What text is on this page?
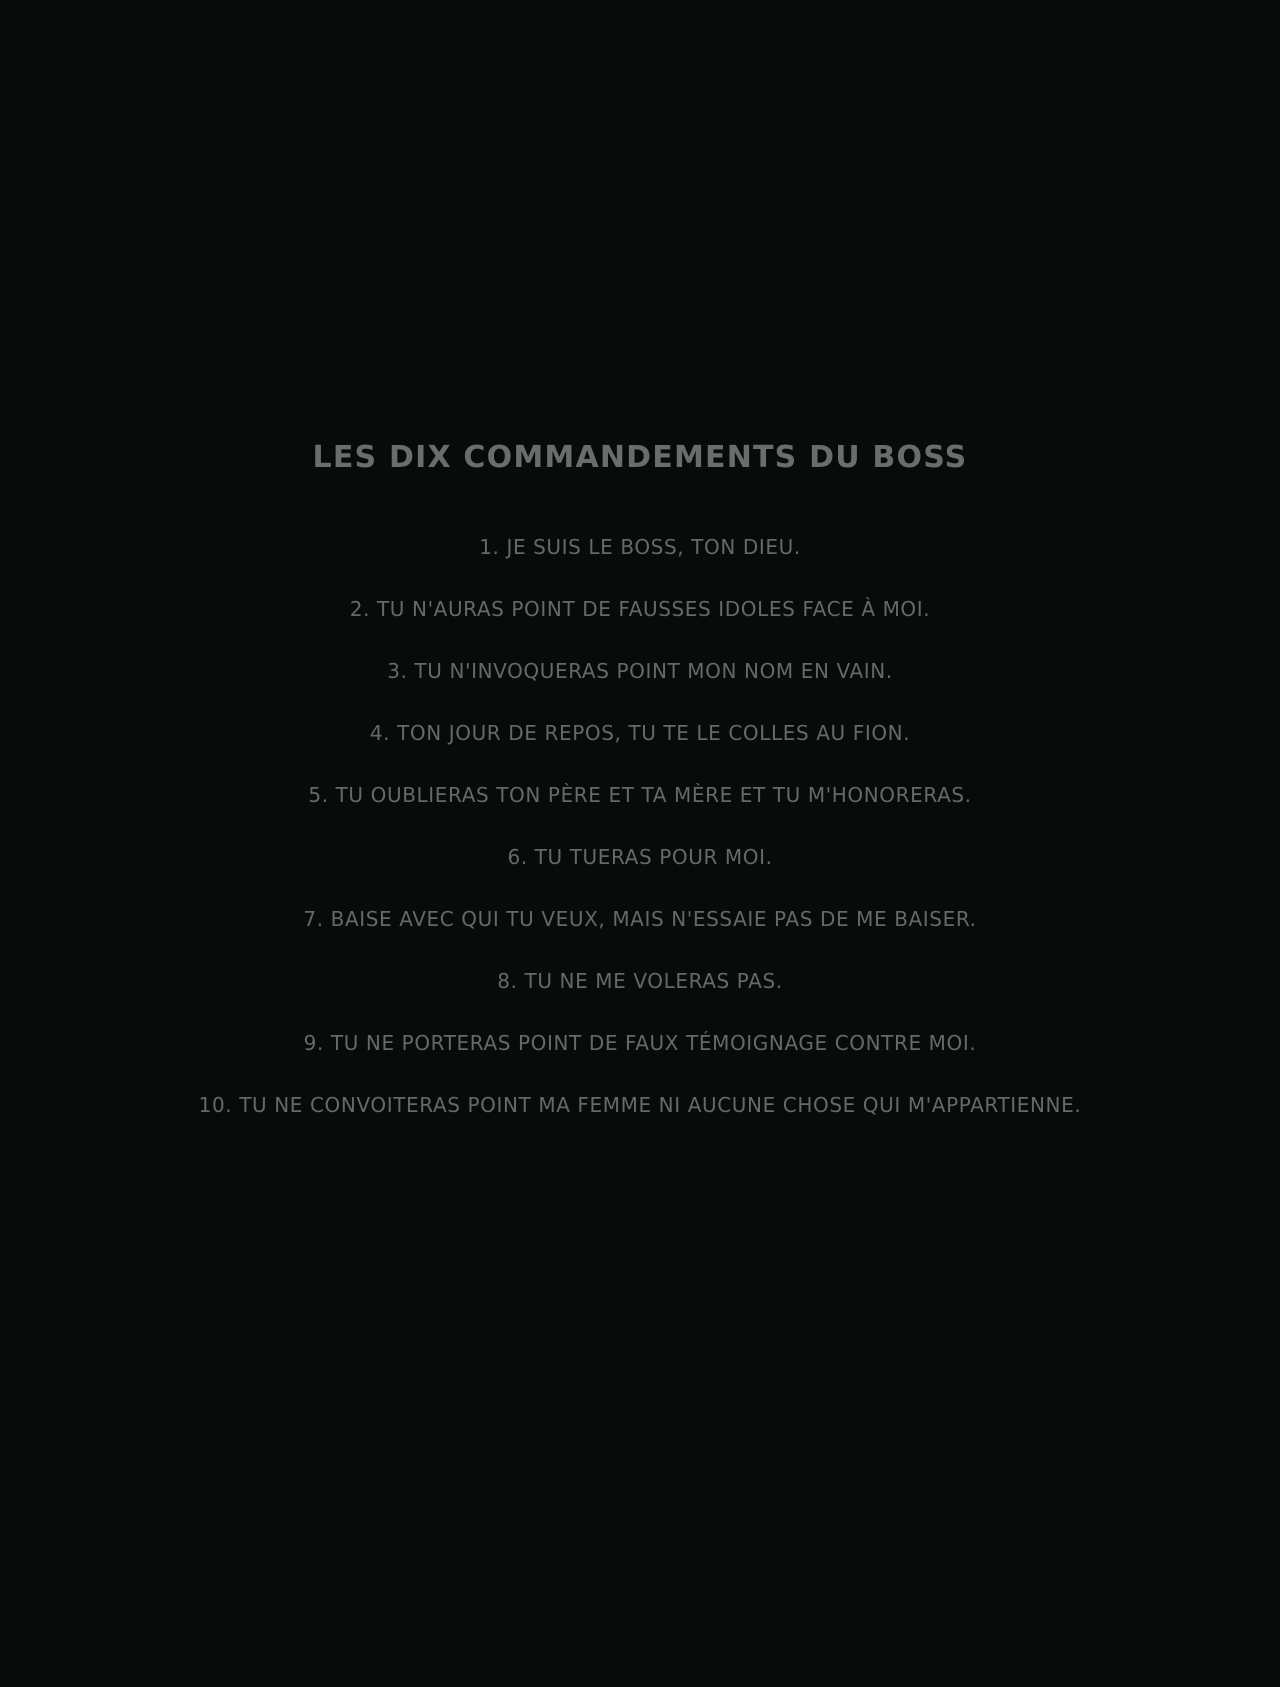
LES DIX COMMANDEMENTS DU BOSS
1. JE SUIS LE BOSS, TON DIEU.
2. TU N'AURAS POINT DE FAUSSES IDOLES FACE À MOI.
3. TU N'INVOQUERAS POINT MON NOM EN VAIN.
4. TON JOUR DE REPOS, TU TE LE COLLES AU FION.
5. TU OUBLIERAS TON PÈRE ET TA MÈRE ET TU M'HONORERAS.
6. TU TUERAS POUR MOI.
7. BAISE AVEC QUI TU VEUX, MAIS N'ESSAIE PAS DE ME BAISER.
8. TU NE ME VOLERAS PAS.
9. TU NE PORTERAS POINT DE FAUX TÉMOIGNAGE CONTRE MOI.
10. TU NE CONVOITERAS POINT MA FEMME NI AUCUNE CHOSE QUI M'APPARTIENNE.
